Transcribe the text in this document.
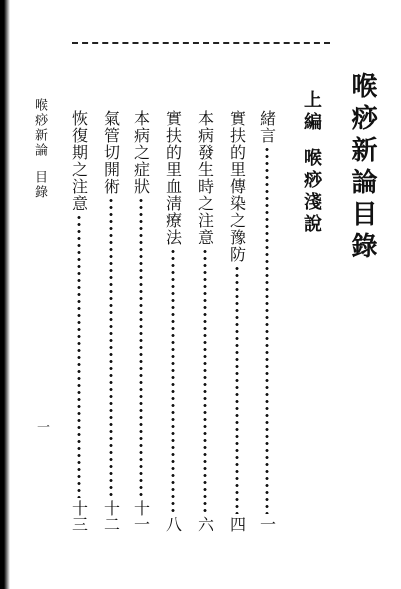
喉痧新論目錄
上編喉痧淺說
緒言
一
實扶的里傳染之豫防
四
本病發生時之注意
六
實扶的里血淸療法
八
本病之症狀
十一
氣管切開術
十二
恢復期之注意
十三
喉痧新論目錄
一
